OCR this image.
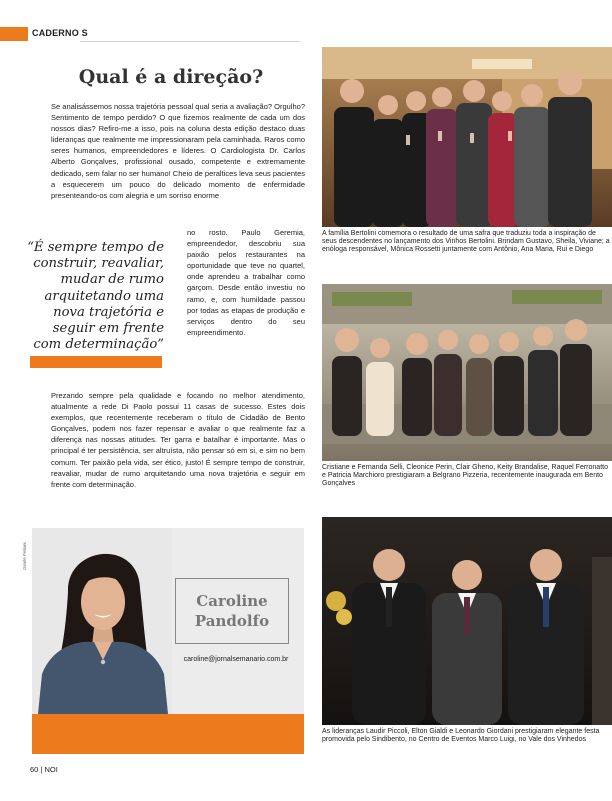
CADERNO S
Qual é a direção?

Se analisássemos nossa trajetória pessoal qual seria a avaliação? Orgulho? Sentimento de tempo perdido? O que fizemos realmente de cada um dos nossos dias? Refiro-me a isso, pois na coluna desta edição destaco duas lideranças que realmente me impressionaram pela caminhada. Raros como seres humanos, empreendedores e líderes. O Cardiologista Dr. Carlos Alberto Gonçalves, profissional ousado, competente e extremamente dedicado, sem falar no ser humano! Cheio de peraltices leva seus pacientes a esquecerem um pouco do delicado momento de enfermidade presenteando-os com alegria e um sorriso enorme

“É sempre tempo de construir, reavaliar, mudar de rumo arquitetando uma nova trajetória e seguir em frente com determinação”

no rosto. Paulo Geremia, empreendedor, descobriu sua paixão pelos restaurantes na oportunidade que teve no quartel, onde aprendeu a trabalhar como garçom. Desde então investiu no ramo, e, com humildade passou por todas as etapas de produção e serviços dentro do seu empreendimento.

Prezando sempre pela qualidade e focando no melhor atendimento, atualmente a rede Di Paolo possui 11 casas de sucesso. Estes dois exemplos, que recentemente receberam o título de Cidadão de Bento Gonçalves, podem nos fazer repensar e avaliar o que realmente faz a diferença nas nossas atitudes. Ter garra e batalhar é importante. Mas o principal é ter persistência, ser altruísta, não pensar só em si, e sim no bem comum. Ter paixão pela vida, ser ético, justo! É sempre tempo de construir, reavaliar, mudar de rumo arquitetando uma nova trajetória e seguir em frente com determinação.

Gisele Peliani
Caroline
Pandolfo
caroline@jornalsemanario.com.br

A família Bertolini comemora o resultado de uma safra que traduziu toda a inspiração de seus descendentes no lançamento dos Vinhos Bertolini. Brindam Gustavo, Sheila, Viviane; a enóloga responsável, Mônica Rossetti juntamente com Antônio, Ana Maria, Rui e Diego

Cristiane e Fernanda Selli, Cleonice Perin, Clair Gheno, Keity Brandalise, Raquel Ferronatto e Patricia Marchioro prestigiaram a Belgrano Pizzeria, recentemente inaugurada em Bento Gonçalves

As lideranças Laudir Piccoli, Elton Gialdi e Leonardo Giordani prestigiaram elegante festa promovida pelo Sindibento, no Centro de Eventos Marco Luigi, no Vale dos Vinhedos

60 | NOI
